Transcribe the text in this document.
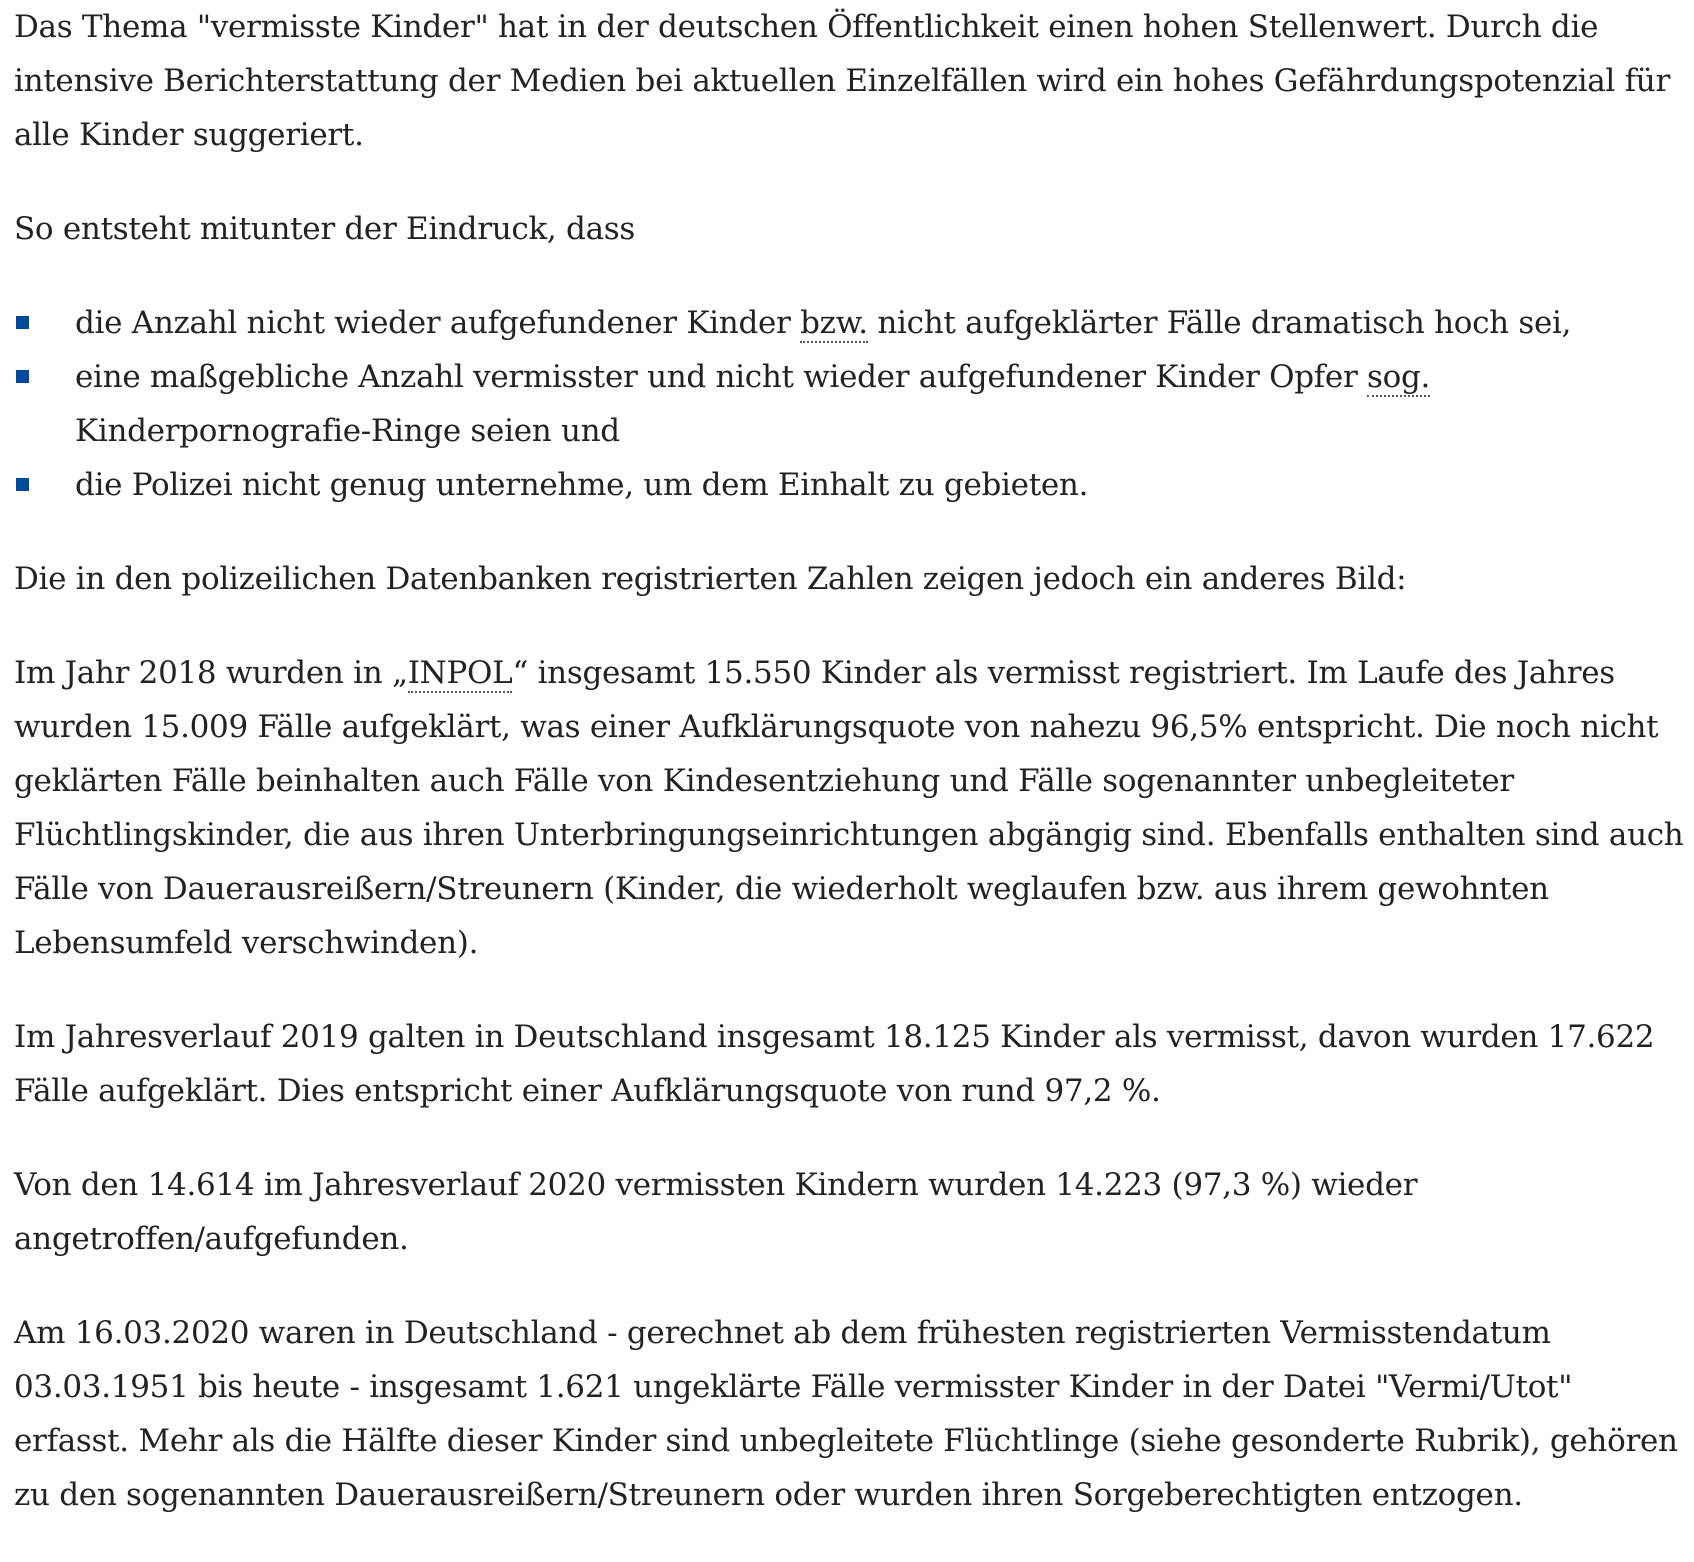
Das Thema "vermisste Kinder" hat in der deutschen Öffentlichkeit einen hohen Stellenwert. Durch die intensive Berichterstattung der Medien bei aktuellen Einzelfällen wird ein hohes Gefährdungspotenzial für alle Kinder suggeriert.

So entsteht mitunter der Eindruck, dass

die Anzahl nicht wieder aufgefundener Kinder bzw. nicht aufgeklärter Fälle dramatisch hoch sei,
eine maßgebliche Anzahl vermisster und nicht wieder aufgefundener Kinder Opfer sog.
Kinderpornografie-Ringe seien und
die Polizei nicht genug unternehme, um dem Einhalt zu gebieten.

Die in den polizeilichen Datenbanken registrierten Zahlen zeigen jedoch ein anderes Bild:

Im Jahr 2018 wurden in „INPOL“ insgesamt 15.550 Kinder als vermisst registriert. Im Laufe des Jahres wurden 15.009 Fälle aufgeklärt, was einer Aufklärungsquote von nahezu 96,5% entspricht. Die noch nicht geklärten Fälle beinhalten auch Fälle von Kindesentziehung und Fälle sogenannter unbegleiteter Flüchtlingskinder, die aus ihren Unterbringungseinrichtungen abgängig sind. Ebenfalls enthalten sind auch Fälle von Dauerausreißern/Streunern (Kinder, die wiederholt weglaufen bzw. aus ihrem gewohnten Lebensumfeld verschwinden).

Im Jahresverlauf 2019 galten in Deutschland insgesamt 18.125 Kinder als vermisst, davon wurden 17.622 Fälle aufgeklärt. Dies entspricht einer Aufklärungsquote von rund 97,2 %.

Von den 14.614 im Jahresverlauf 2020 vermissten Kindern wurden 14.223 (97,3 %) wieder angetroffen/aufgefunden.

Am 16.03.2020 waren in Deutschland - gerechnet ab dem frühesten registrierten Vermisstendatum 03.03.1951 bis heute - insgesamt 1.621 ungeklärte Fälle vermisster Kinder in der Datei "Vermi/Utot" erfasst. Mehr als die Hälfte dieser Kinder sind unbegleitete Flüchtlinge (siehe gesonderte Rubrik), gehören zu den sogenannten Dauerausreißern/Streunern oder wurden ihren Sorgeberechtigten entzogen.
